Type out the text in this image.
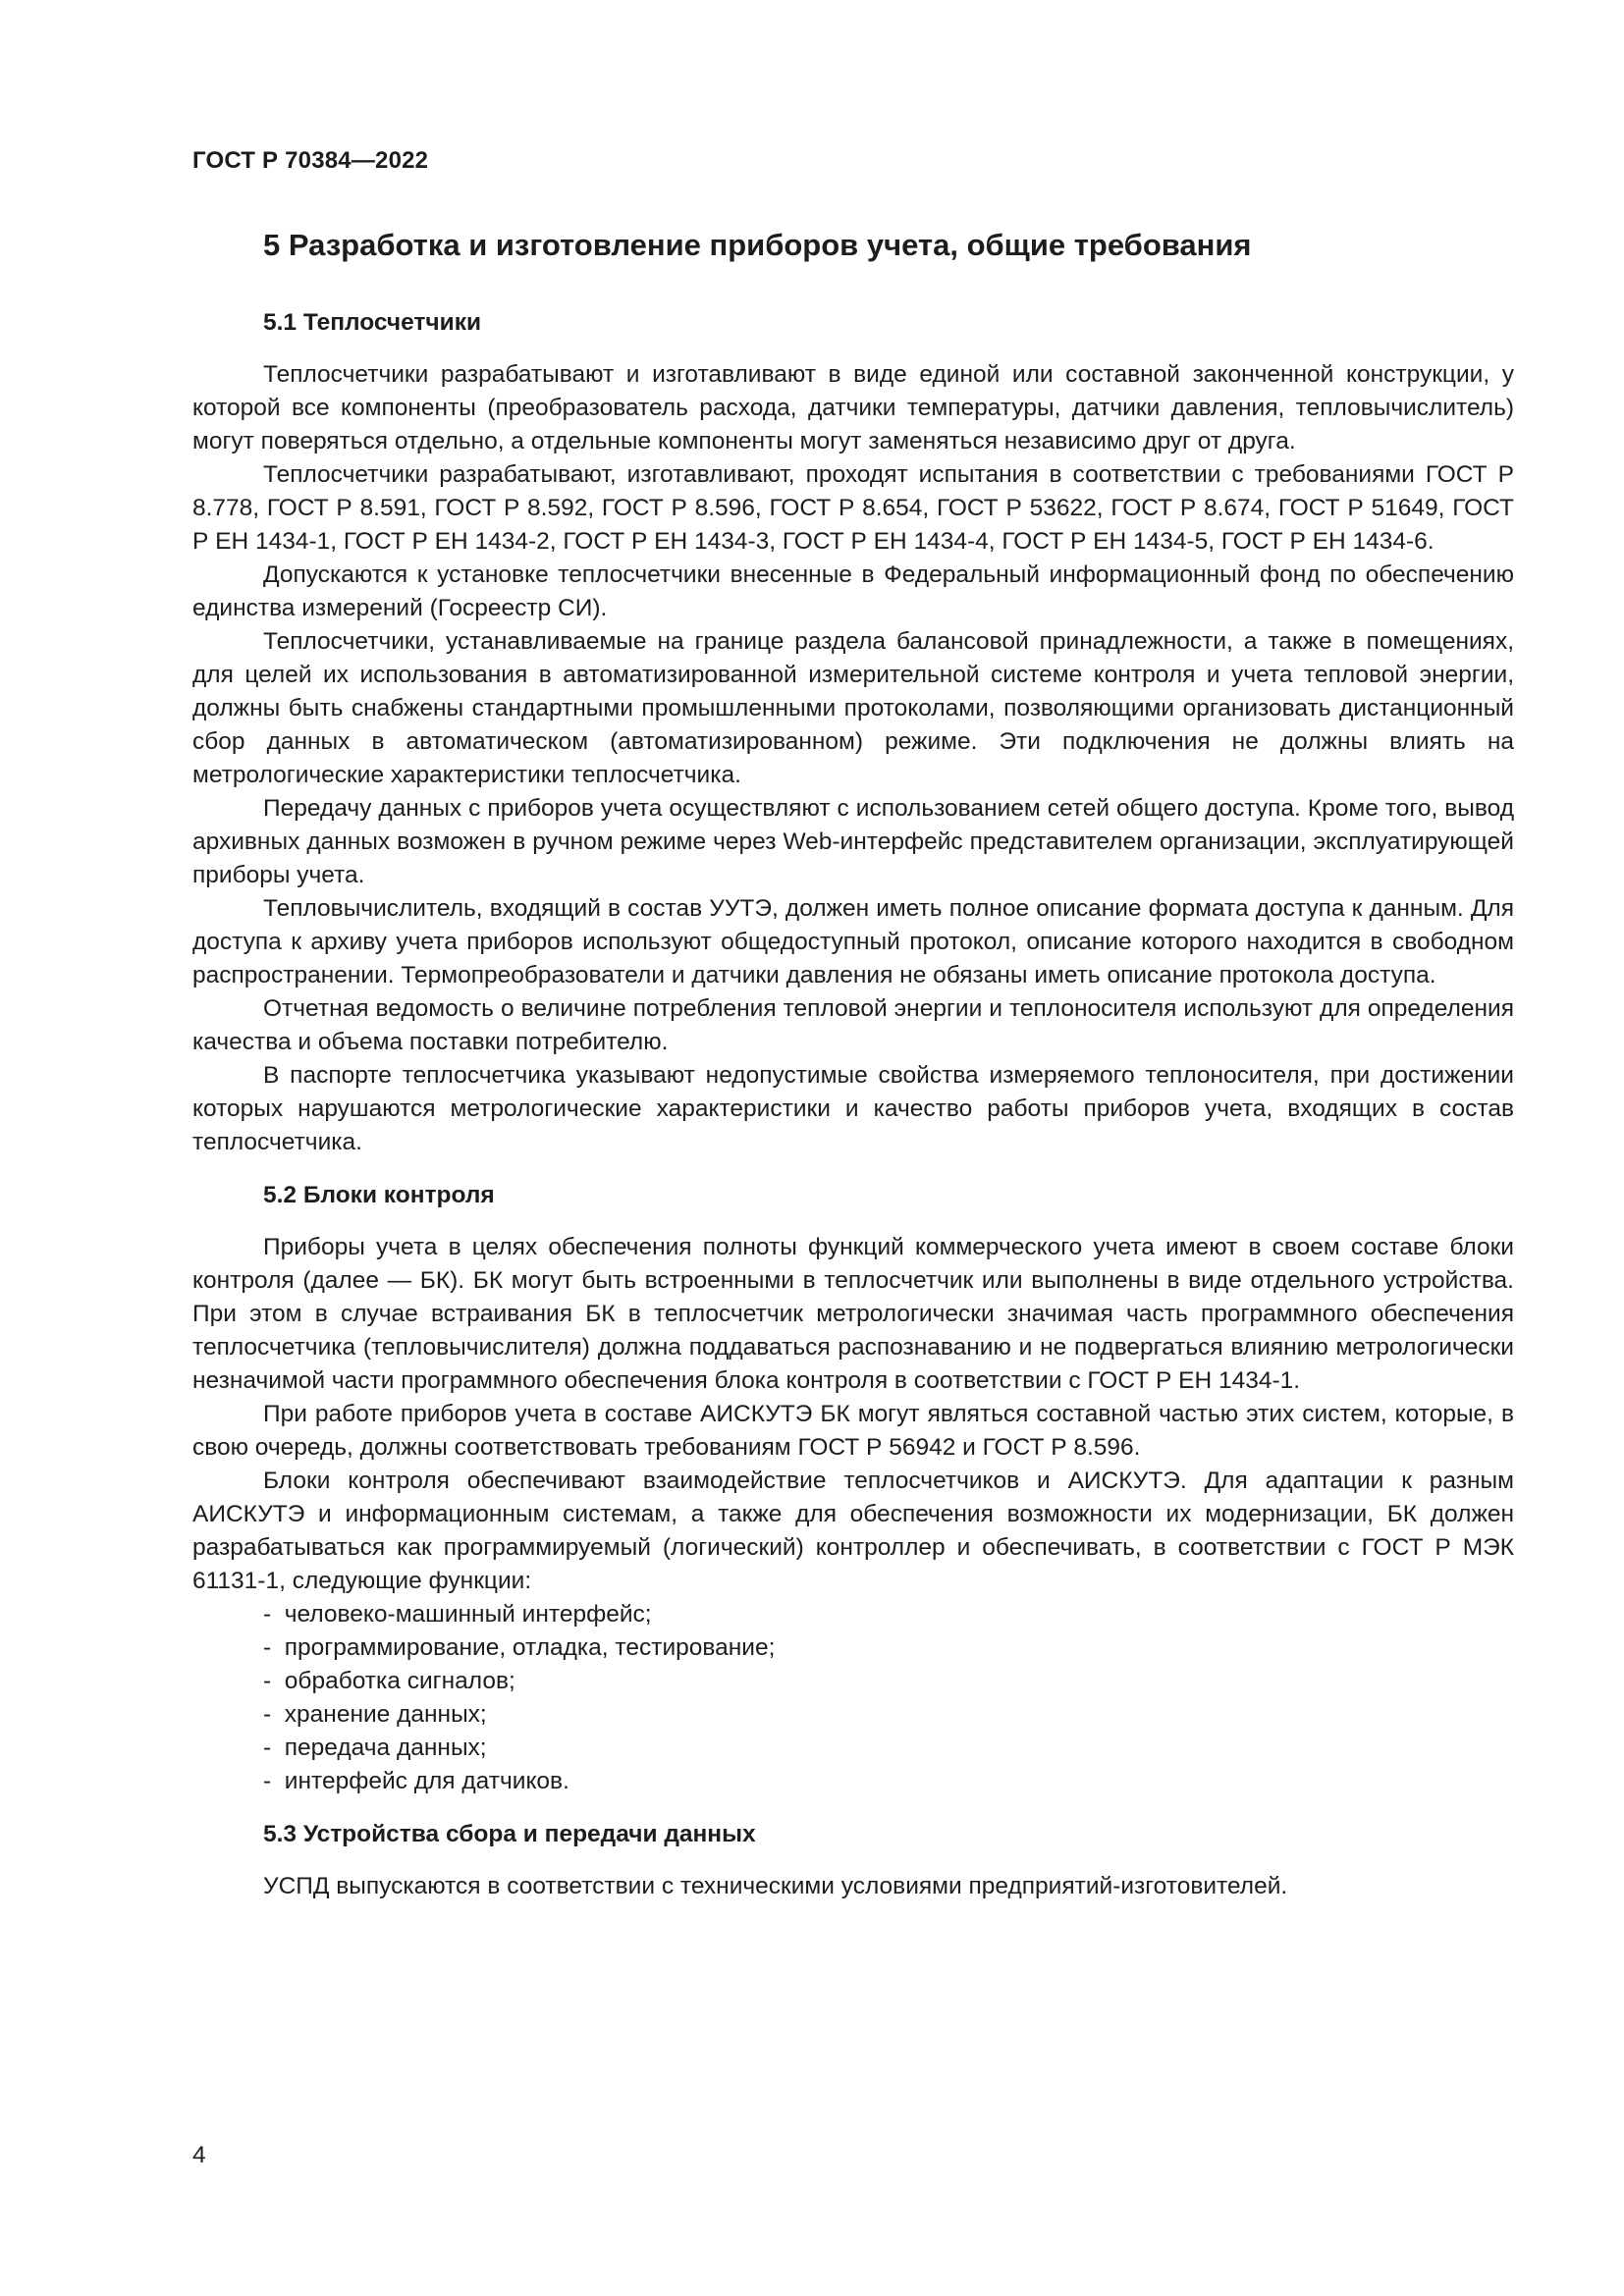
ГОСТ Р 70384—2022
5 Разработка и изготовление приборов учета, общие требования
5.1 Теплосчетчики

Теплосчетчики разрабатывают и изготавливают в виде единой или составной законченной конструкции, у которой все компоненты (преобразователь расхода, датчики температуры, датчики давления, тепловычислитель) могут поверяться отдельно, а отдельные компоненты могут заменяться независимо друг от друга.

Теплосчетчики разрабатывают, изготавливают, проходят испытания в соответствии с требованиями ГОСТ Р 8.778, ГОСТ Р 8.591, ГОСТ Р 8.592, ГОСТ Р 8.596, ГОСТ Р 8.654, ГОСТ Р 53622, ГОСТ Р 8.674, ГОСТ Р 51649, ГОСТ Р ЕН 1434-1, ГОСТ Р ЕН 1434-2, ГОСТ Р ЕН 1434-3, ГОСТ Р ЕН 1434-4, ГОСТ Р ЕН 1434-5, ГОСТ Р ЕН 1434-6.

Допускаются к установке теплосчетчики внесенные в Федеральный информационный фонд по обеспечению единства измерений (Госреестр СИ).

Теплосчетчики, устанавливаемые на границе раздела балансовой принадлежности, а также в помещениях, для целей их использования в автоматизированной измерительной системе контроля и учета тепловой энергии, должны быть снабжены стандартными промышленными протоколами, позволяющими организовать дистанционный сбор данных в автоматическом (автоматизированном) режиме. Эти подключения не должны влиять на метрологические характеристики теплосчетчика.

Передачу данных с приборов учета осуществляют с использованием сетей общего доступа. Кроме того, вывод архивных данных возможен в ручном режиме через Web-интерфейс представителем организации, эксплуатирующей приборы учета.

Тепловычислитель, входящий в состав УУТЭ, должен иметь полное описание формата доступа к данным. Для доступа к архиву учета приборов используют общедоступный протокол, описание которого находится в свободном распространении. Термопреобразователи и датчики давления не обязаны иметь описание протокола доступа.

Отчетная ведомость о величине потребления тепловой энергии и теплоносителя используют для определения качества и объема поставки потребителю.

В паспорте теплосчетчика указывают недопустимые свойства измеряемого теплоносителя, при достижении которых нарушаются метрологические характеристики и качество работы приборов учета, входящих в состав теплосчетчика.

5.2 Блоки контроля

Приборы учета в целях обеспечения полноты функций коммерческого учета имеют в своем составе блоки контроля (далее — БК). БК могут быть встроенными в теплосчетчик или выполнены в виде отдельного устройства. При этом в случае встраивания БК в теплосчетчик метрологически значимая часть программного обеспечения теплосчетчика (тепловычислителя) должна поддаваться распознаванию и не подвергаться влиянию метрологически незначимой части программного обеспечения блока контроля в соответствии с ГОСТ Р ЕН 1434-1.

При работе приборов учета в составе АИСКУТЭ БК могут являться составной частью этих систем, которые, в свою очередь, должны соответствовать требованиям ГОСТ Р 56942 и ГОСТ Р 8.596.

Блоки контроля обеспечивают взаимодействие теплосчетчиков и АИСКУТЭ. Для адаптации к разным АИСКУТЭ и информационным системам, а также для обеспечения возможности их модернизации, БК должен разрабатываться как программируемый (логический) контроллер и обеспечивать, в соответствии с ГОСТ Р МЭК 61131-1, следующие функции:

-  человеко-машинный интерфейс;
-  программирование, отладка, тестирование;
-  обработка сигналов;
-  хранение данных;
-  передача данных;
-  интерфейс для датчиков.
5.3 Устройства сбора и передачи данных

УСПД выпускаются в соответствии с техническими условиями предприятий-изготовителей.

4
